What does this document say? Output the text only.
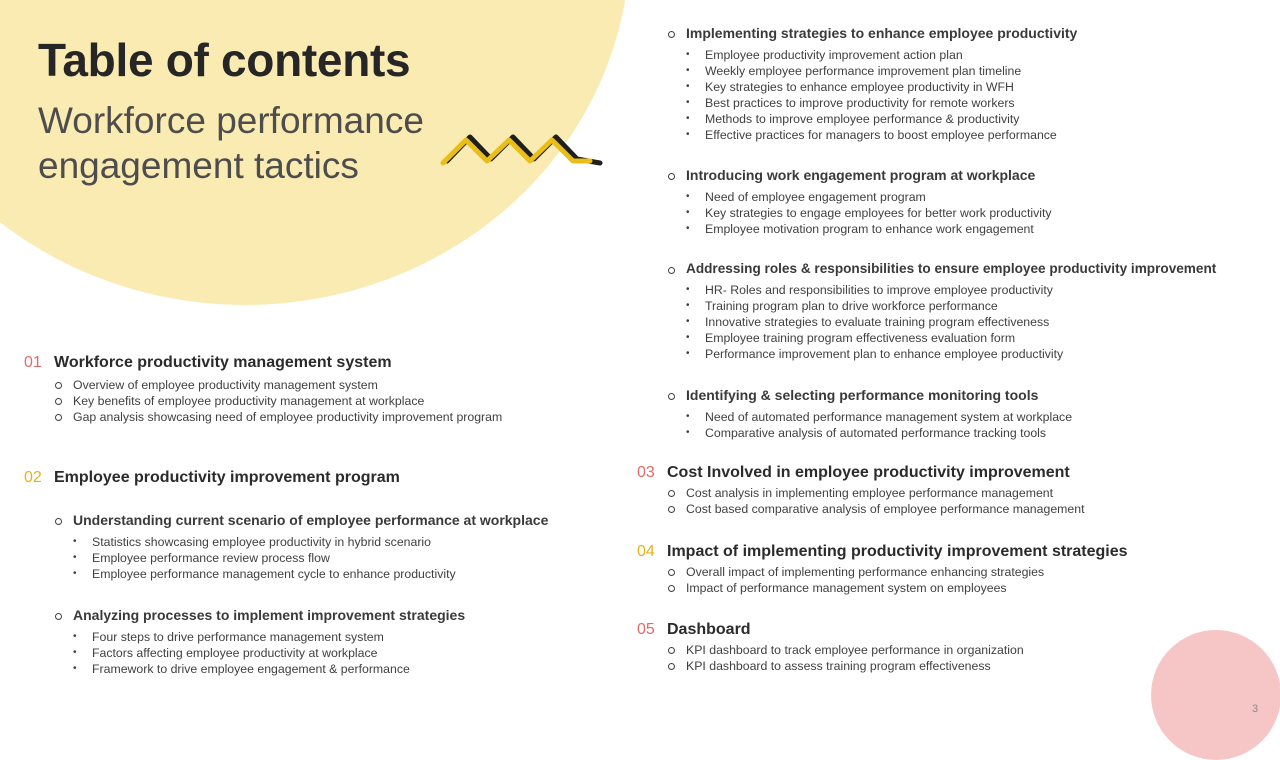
Table of contents
Workforce performance engagement tactics
01 Workforce productivity management system
Overview of employee productivity management system
Key benefits of employee productivity management at workplace
Gap analysis showcasing need of employee productivity improvement program
02 Employee productivity improvement program
Understanding current scenario of employee performance at workplace
• Statistics showcasing employee productivity in hybrid scenario
• Employee performance review process flow
• Employee performance management cycle to enhance productivity
Analyzing processes to implement improvement strategies
• Four steps to drive performance management system
• Factors affecting employee productivity at workplace
• Framework to drive employee engagement & performance
Implementing strategies to enhance employee productivity
• Employee productivity improvement action plan
• Weekly employee performance improvement plan timeline
• Key strategies to enhance employee productivity in WFH
• Best practices to improve productivity for remote workers
• Methods to improve employee performance & productivity
• Effective practices for managers to boost employee performance
Introducing work engagement program at workplace
• Need of employee engagement program
• Key strategies to engage employees for better work productivity
• Employee motivation program to enhance work engagement
Addressing roles & responsibilities to ensure employee productivity improvement
• HR- Roles and responsibilities to improve employee productivity
• Training program plan to drive workforce performance
• Innovative strategies to evaluate training program effectiveness
• Employee training program effectiveness evaluation form
• Performance improvement plan to enhance employee productivity
Identifying & selecting performance monitoring tools
• Need of automated performance management system at workplace
• Comparative analysis of automated performance tracking tools
03 Cost Involved in employee productivity improvement
Cost analysis in implementing employee performance management
Cost based comparative analysis of employee performance management
04 Impact of implementing productivity improvement strategies
Overall impact of implementing performance enhancing strategies
Impact of performance management system on employees
05 Dashboard
KPI dashboard to track employee performance in organization
KPI dashboard to assess training program effectiveness
3
